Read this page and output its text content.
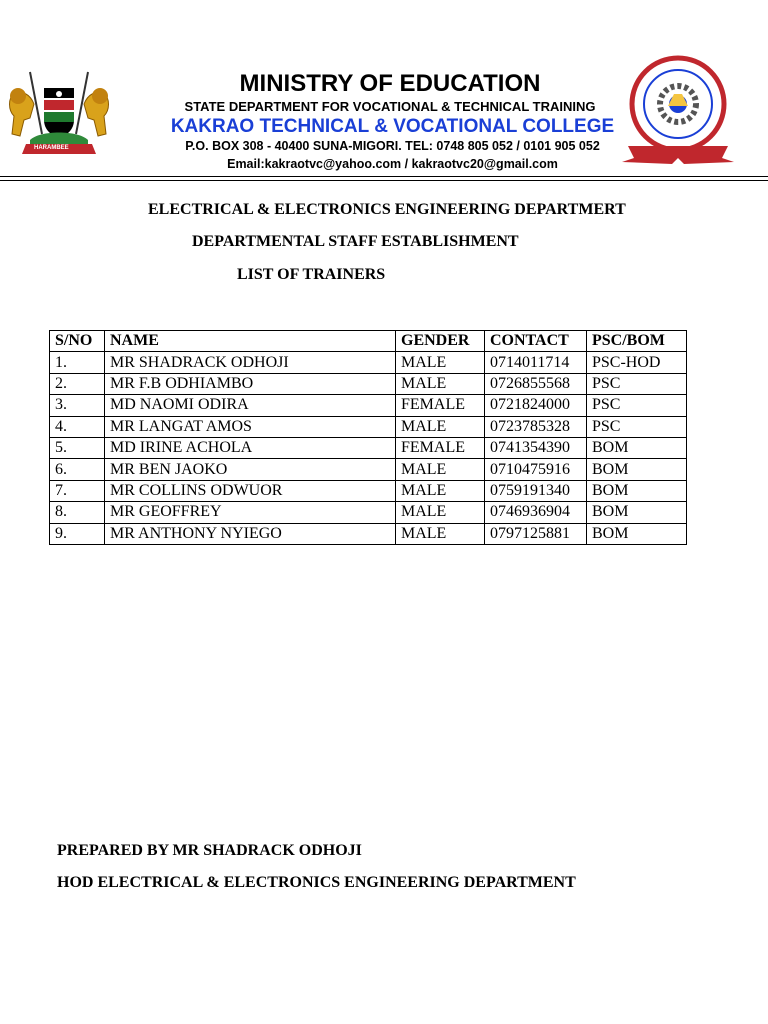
HARAMBEE
MINISTRY OF EDUCATION
STATE DEPARTMENT FOR VOCATIONAL & TECHNICAL TRAINING
KAKRAO TECHNICAL & VOCATIONAL COLLEGE
P.O. BOX 308 - 40400 SUNA-MIGORI. TEL: 0748 805 052 / 0101 905 052
Email:kakraotvc@yahoo.com / kakraotvc20@gmail.com
ELECTRICAL & ELECTRONICS ENGINEERING DEPARTMERT
DEPARTMENTAL STAFF ESTABLISHMENT
LIST OF TRAINERS
S/NO	NAME	GENDER	CONTACT	PSC/BOM
1.	MR SHADRACK ODHOJI	MALE	0714011714	PSC-HOD
2.	MR F.B ODHIAMBO	MALE	0726855568	PSC
3.	MD NAOMI ODIRA	FEMALE	0721824000	PSC
4.	MR LANGAT AMOS	MALE	0723785328	PSC
5.	MD IRINE ACHOLA	FEMALE	0741354390	BOM
6.	MR BEN JAOKO	MALE	0710475916	BOM
7.	MR COLLINS ODWUOR	MALE	0759191340	BOM
8.	MR GEOFFREY	MALE	0746936904	BOM
9.	MR ANTHONY NYIEGO	MALE	0797125881	BOM
PREPARED BY MR SHADRACK ODHOJI
HOD ELECTRICAL & ELECTRONICS ENGINEERING DEPARTMENT
